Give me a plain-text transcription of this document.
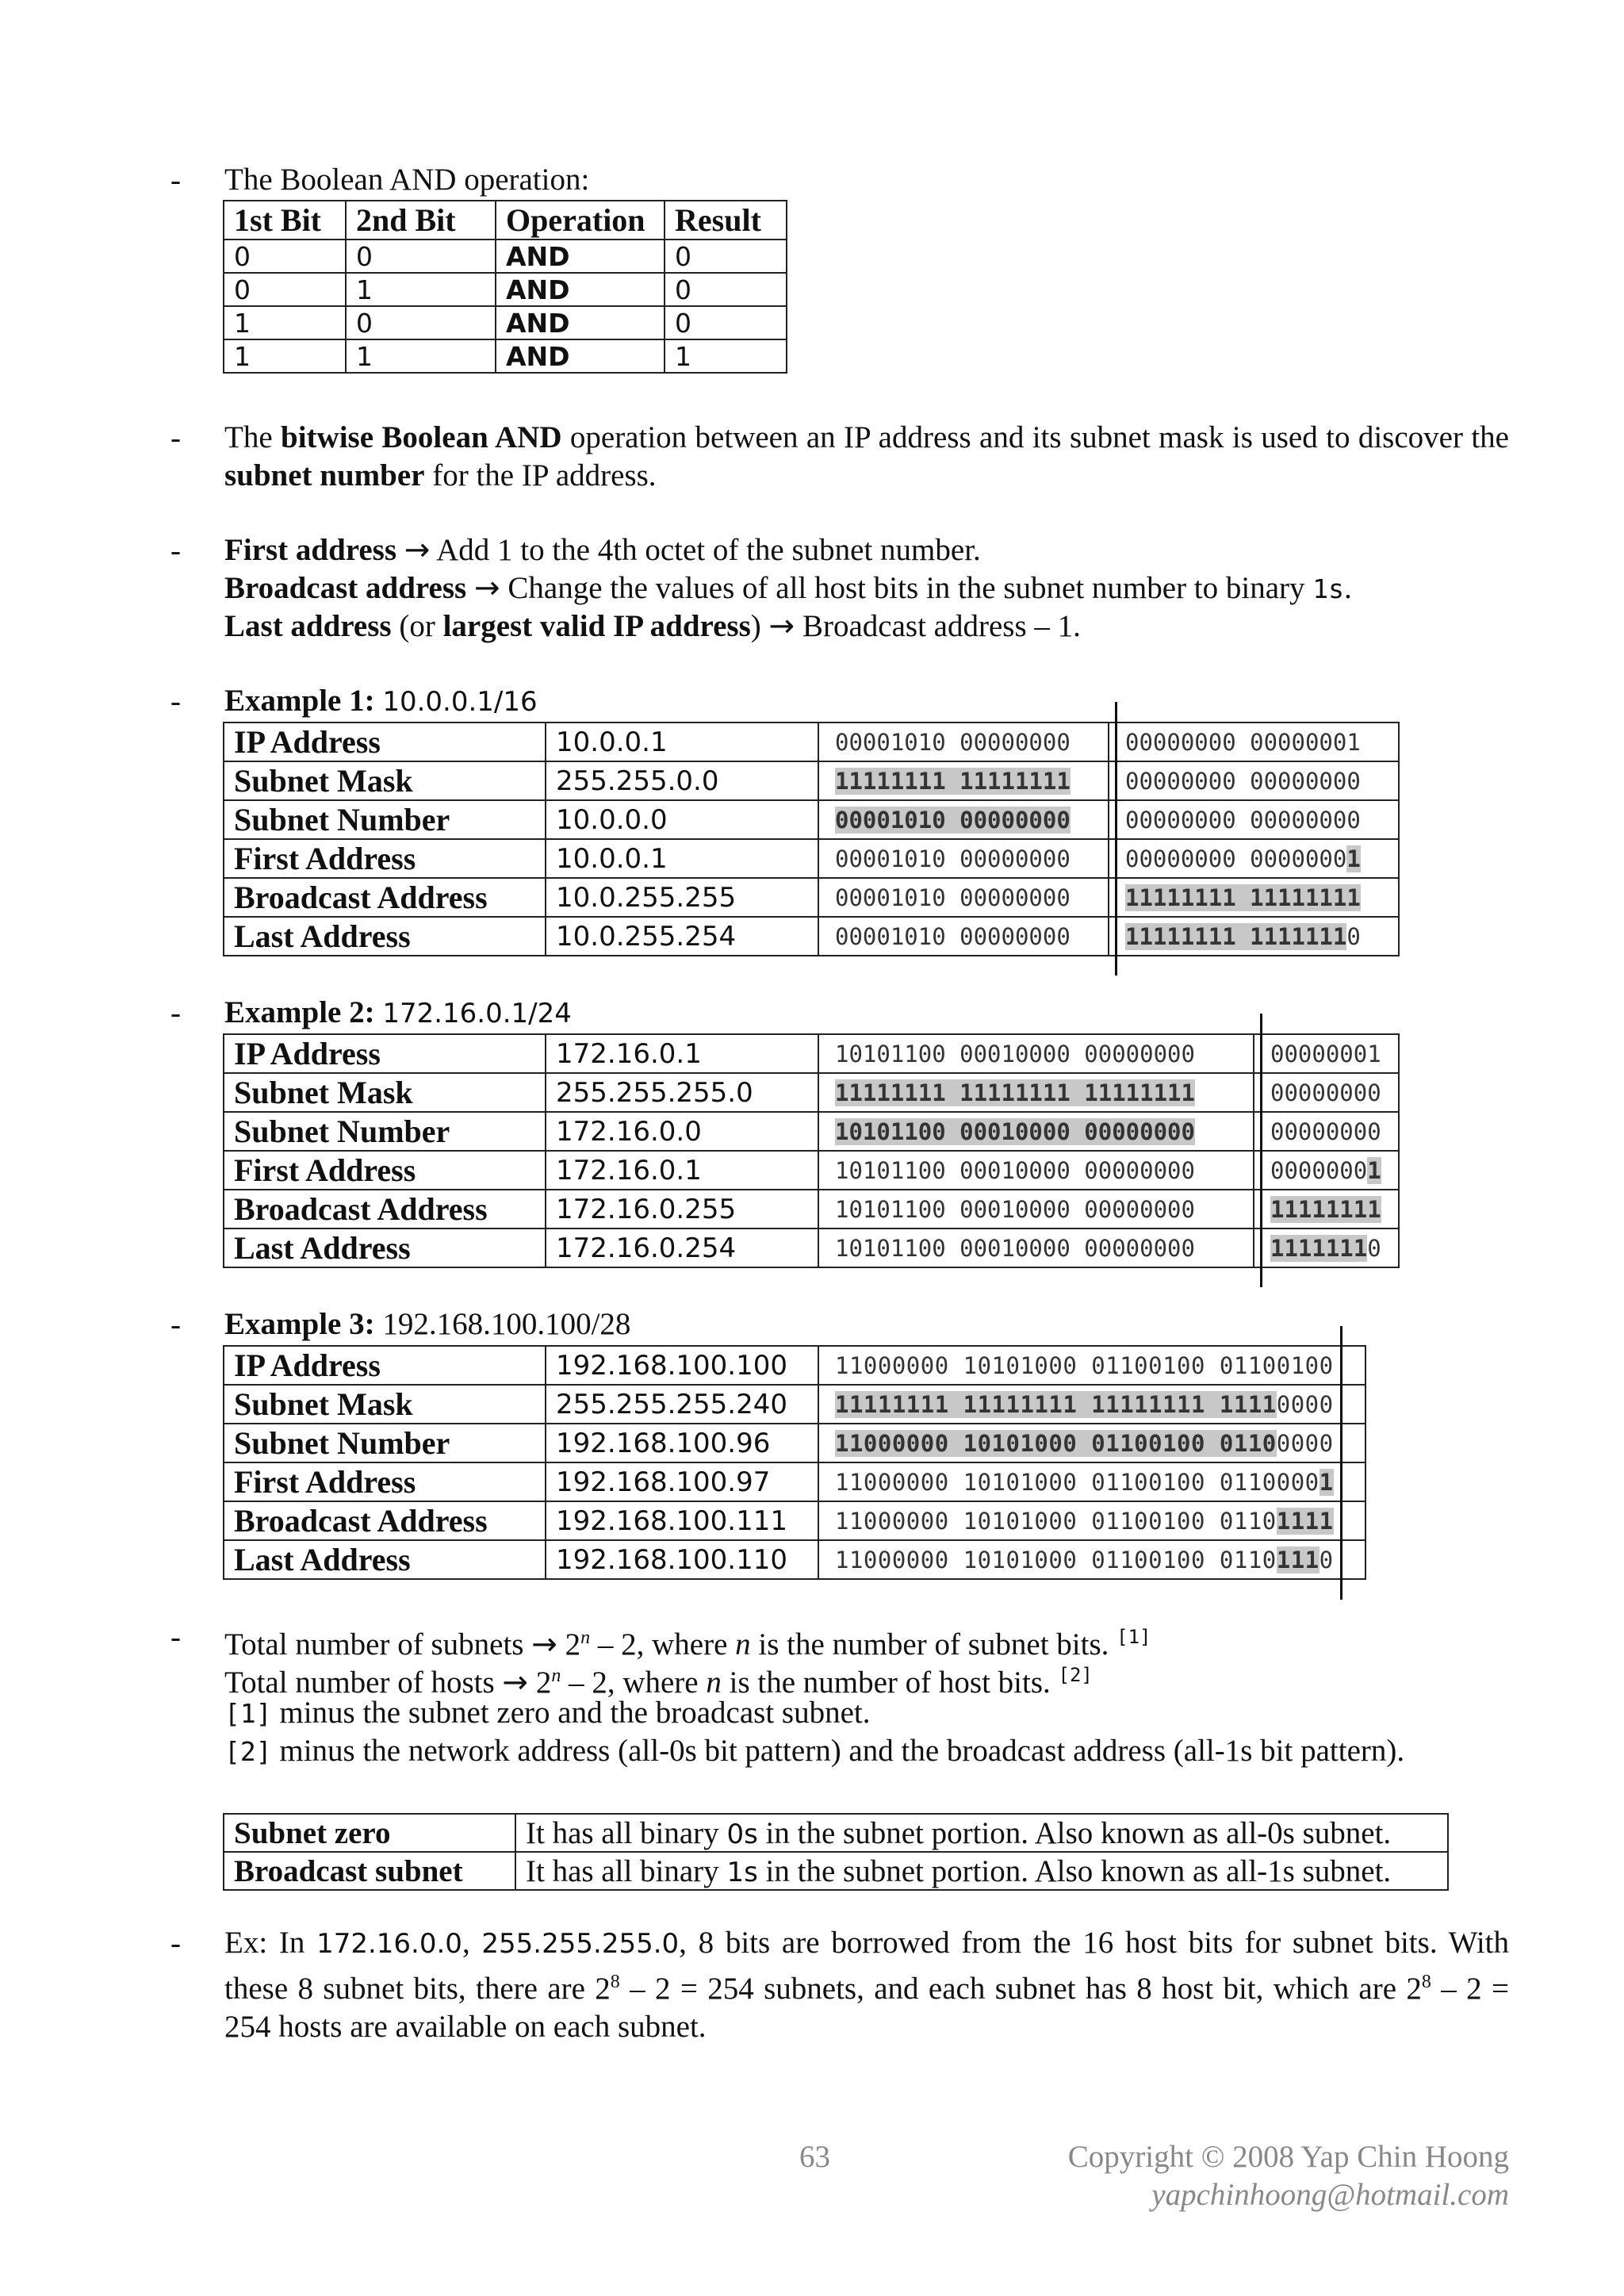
-
-
-
-
-
-
-
-
The Boolean AND operation:
1st Bit	2nd Bit	Operation	Result
0	0	AND	0
0	1	AND	0
1	0	AND	0
1	1	AND	1
The bitwise Boolean AND operation between an IP address and its subnet mask is used to discover the subnet number for the IP address.
First address → Add 1 to the 4th octet of the subnet number.
Broadcast address → Change the values of all host bits in the subnet number to binary 1s.
Last address (or largest valid IP address) → Broadcast address – 1.
Example 1: 10.0.0.1/16
IP Address	10.0.0.1	00001010 00000000	00000000 00000001
Subnet Mask	255.255.0.0	11111111 11111111	00000000 00000000
Subnet Number	10.0.0.0	00001010 00000000	00000000 00000000
First Address	10.0.0.1	00001010 00000000	00000000 00000001
Broadcast Address	10.0.255.255	00001010 00000000	11111111 11111111
Last Address	10.0.255.254	00001010 00000000	11111111 11111110
Example 2: 172.16.0.1/24
IP Address	172.16.0.1	10101100 00010000 00000000	00000001
Subnet Mask	255.255.255.0	11111111 11111111 11111111	00000000
Subnet Number	172.16.0.0	10101100 00010000 00000000	00000000
First Address	172.16.0.1	10101100 00010000 00000000	00000001
Broadcast Address	172.16.0.255	10101100 00010000 00000000	11111111
Last Address	172.16.0.254	10101100 00010000 00000000	11111110
Example 3: 192.168.100.100/28
IP Address	192.168.100.100	11000000 10101000 01100100 01100100
Subnet Mask	255.255.255.240	11111111 11111111 11111111 11110000
Subnet Number	192.168.100.96	11000000 10101000 01100100 01100000
First Address	192.168.100.97	11000000 10101000 01100100 01100001
Broadcast Address	192.168.100.111	11000000 10101000 01100100 01101111
Last Address	192.168.100.110	11000000 10101000 01100100 01101110
Total number of subnets → $2^n - 2$, where n is the number of subnet bits. [1]
Total number of hosts → $2^n - 2$, where n is the number of host bits. [2]
[1] minus the subnet zero and the broadcast subnet.
[2] minus the network address (all-0s bit pattern) and the broadcast address (all-1s bit pattern).
Subnet zero	It has all binary 0s in the subnet portion. Also known as all-0s subnet.
Broadcast subnet	It has all binary 1s in the subnet portion. Also known as all-1s subnet.
Ex: In 172.16.0.0, 255.255.255.0, 8 bits are borrowed from the 16 host bits for subnet bits. With these 8 subnet bits, there are $2^8 - 2 = 254$ subnets, and each subnet has 8 host bit, which are $2^8 - 2 = 254$ hosts are available on each subnet.
63	Copyright © 2008 Yap Chin Hoong
yapchinhoong@hotmail.com
